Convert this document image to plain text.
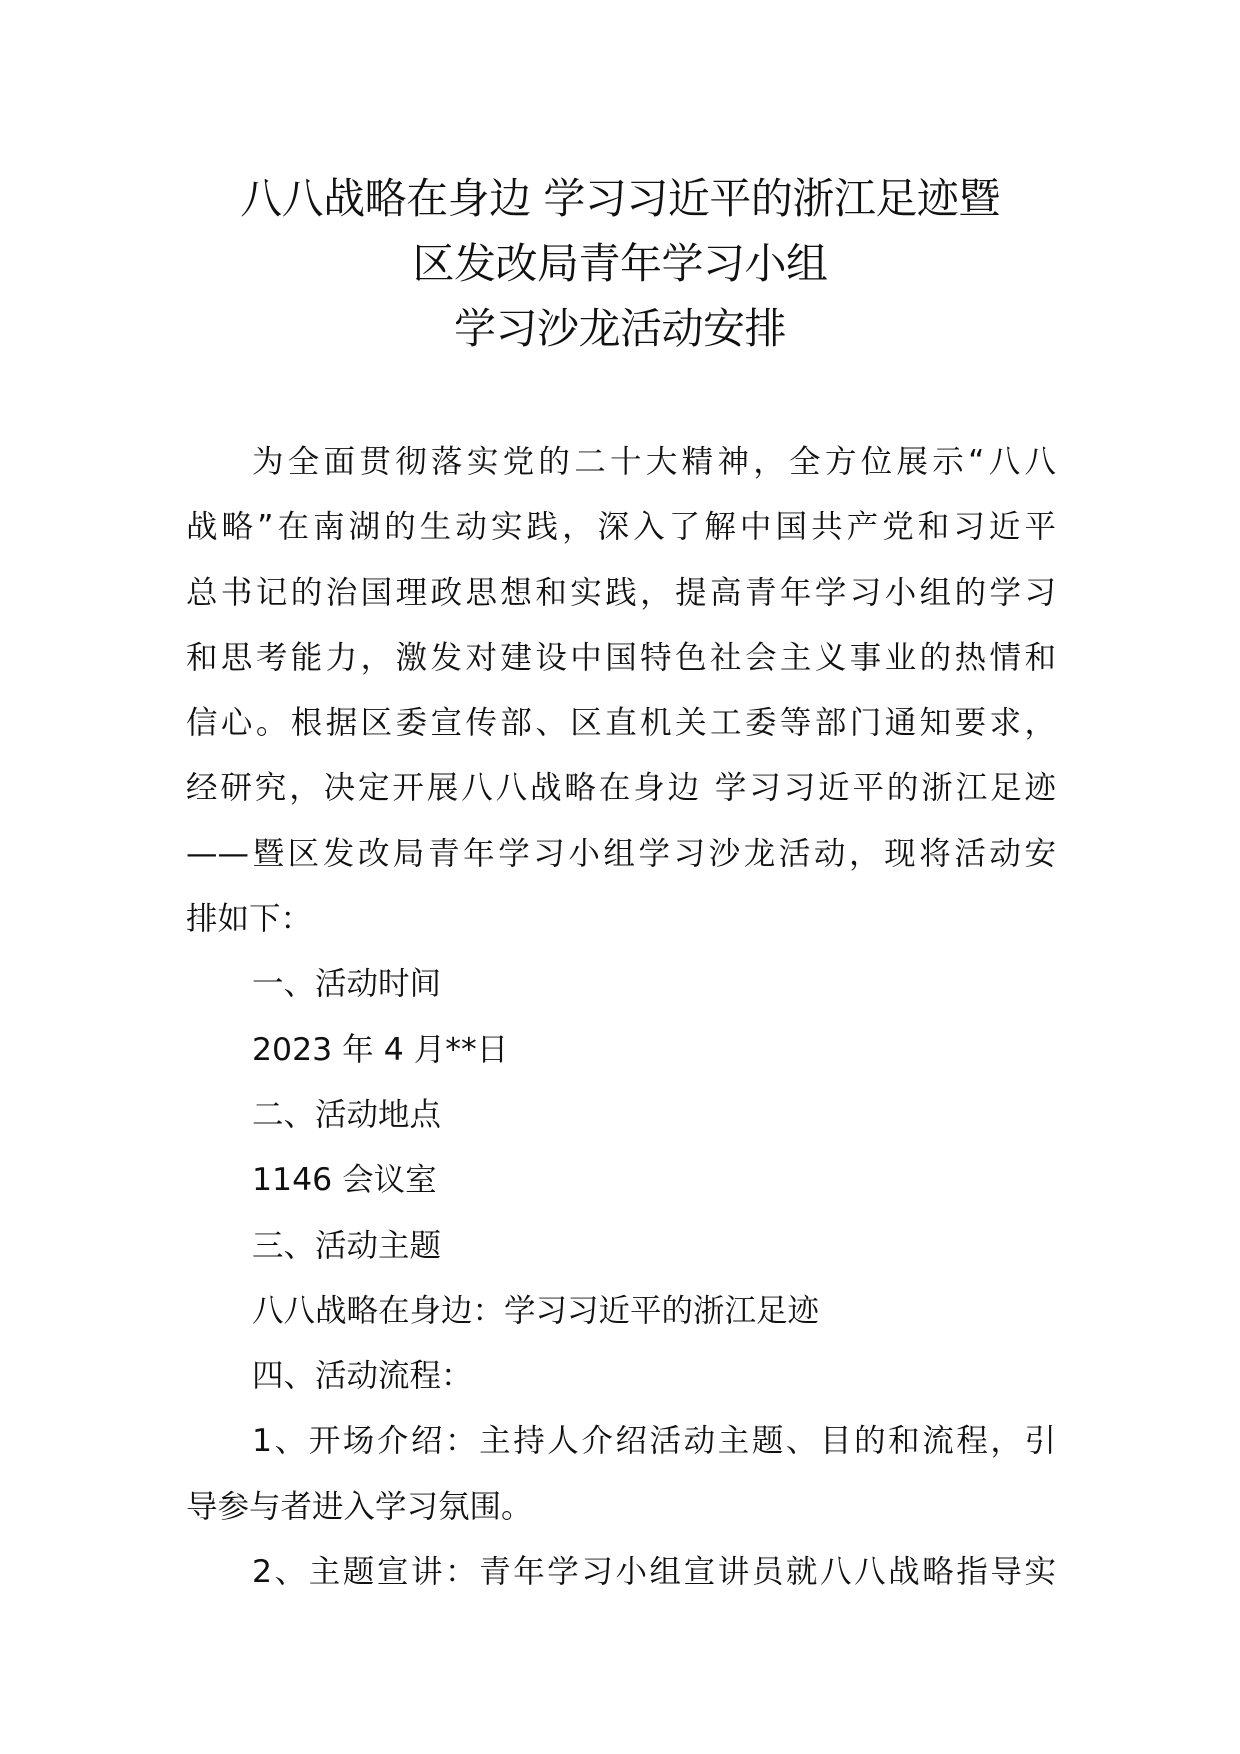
八八战略在身边 学习习近平的浙江足迹暨
区发改局青年学习小组
学习沙龙活动安排
为全面贯彻落实党的二十大精神，全方位展示“八八
战略”在南湖的生动实践，深入了解中国共产党和习近平
总书记的治国理政思想和实践，提高青年学习小组的学习
和思考能力，激发对建设中国特色社会主义事业的热情和
信心。根据区委宣传部、区直机关工委等部门通知要求，
经研究，决定开展八八战略在身边 学习习近平的浙江足迹
——暨区发改局青年学习小组学习沙龙活动，现将活动安
排如下：
一、活动时间
2023 年 4 月**日
二、活动地点
1146 会议室
三、活动主题
八八战略在身边：学习习近平的浙江足迹
四、活动流程：
1、开场介绍：主持人介绍活动主题、目的和流程，引
导参与者进入学习氛围。
2、主题宣讲：青年学习小组宣讲员就八八战略指导实
